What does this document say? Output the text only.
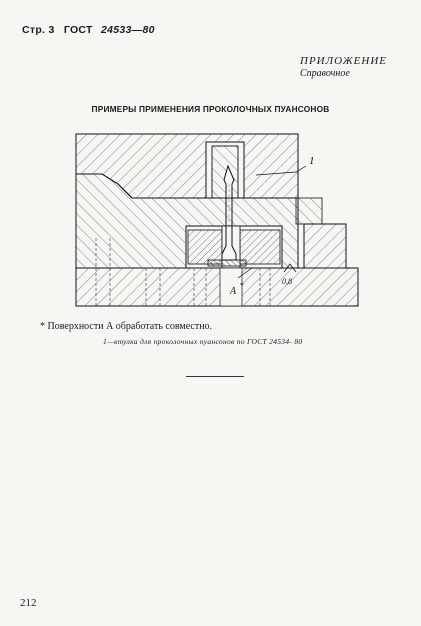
Стр. 3 ГОСТ 24533—80
ПРИЛОЖЕНИЕ
Справочное
ПРИМЕРЫ ПРИМЕНЕНИЯ ПРОКОЛОЧНЫХ ПУАНСОНОВ
1
A
*	0,8
* Поверхности А обработать совместно.
1—втулка для проколочных пуансонов по ГОСТ 24534- 80
212
